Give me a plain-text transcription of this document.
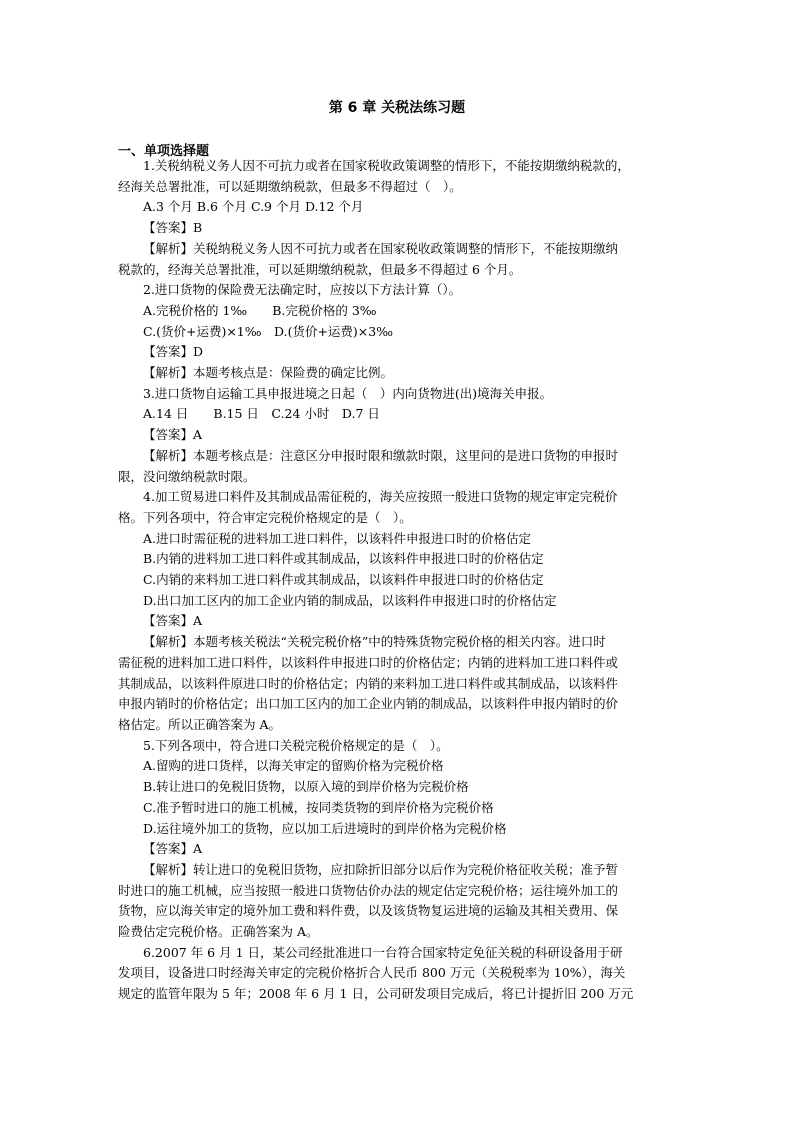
第 6 章 关税法练习题
一、单项选择题

1.关税纳税义务人因不可抗力或者在国家税收政策调整的情形下，不能按期缴纳税款的，

经海关总署批准，可以延期缴纳税款，但最多不得超过（　）。

A.3 个月 B.6 个月 C.9 个月 D.12 个月

【答案】B

【解析】关税纳税义务人因不可抗力或者在国家税收政策调整的情形下，不能按期缴纳

税款的，经海关总署批准，可以延期缴纳税款，但最多不得超过 6 个月。

2.进口货物的保险费无法确定时，应按以下方法计算（）。

A.完税价格的 1‰　　B.完税价格的 3‰

C.(货价+运费)×1‰　D.(货价+运费)×3‰

【答案】D

【解析】本题考核点是：保险费的确定比例。

3.进口货物自运输工具申报进境之日起（　）内向货物进(出)境海关申报。

A.14 日　　B.15 日　C.24 小时　D.7 日

【答案】A

【解析】本题考核点是：注意区分申报时限和缴款时限，这里问的是进口货物的申报时

限，没问缴纳税款时限。

4.加工贸易进口料件及其制成品需征税的，海关应按照一般进口货物的规定审定完税价

格。下列各项中，符合审定完税价格规定的是（　）。

A.进口时需征税的进料加工进口料件，以该料件申报进口时的价格估定

B.内销的进料加工进口料件或其制成品，以该料件申报进口时的价格估定

C.内销的来料加工进口料件或其制成品，以该料件申报进口时的价格估定

D.出口加工区内的加工企业内销的制成品，以该料件申报进口时的价格估定

【答案】A

【解析】本题考核关税法“关税完税价格”中的特殊货物完税价格的相关内容。进口时

需征税的进料加工进口料件，以该料件申报进口时的价格估定；内销的进料加工进口料件或

其制成品，以该料件原进口时的价格估定；内销的来料加工进口料件或其制成品，以该料件

申报内销时的价格估定；出口加工区内的加工企业内销的制成品，以该料件申报内销时的价

格估定。所以正确答案为 A。

5.下列各项中，符合进口关税完税价格规定的是（　）。

A.留购的进口货样，以海关审定的留购价格为完税价格

B.转让进口的免税旧货物，以原入境的到岸价格为完税价格

C.准予暂时进口的施工机械，按同类货物的到岸价格为完税价格

D.运往境外加工的货物，应以加工后进境时的到岸价格为完税价格

【答案】A

【解析】转让进口的免税旧货物，应扣除折旧部分以后作为完税价格征收关税；准予暂

时进口的施工机械，应当按照一般进口货物估价办法的规定估定完税价格；运往境外加工的

货物，应以海关审定的境外加工费和料件费，以及该货物复运进境的运输及其相关费用、保

险费估定完税价格。正确答案为 A。

6.2007 年 6 月 1 日，某公司经批准进口一台符合国家特定免征关税的科研设备用于研

发项目，设备进口时经海关审定的完税价格折合人民币 800 万元（关税税率为 10%），海关

规定的监管年限为 5 年；2008 年 6 月 1 日，公司研发项目完成后，将已计提折旧 200 万元
